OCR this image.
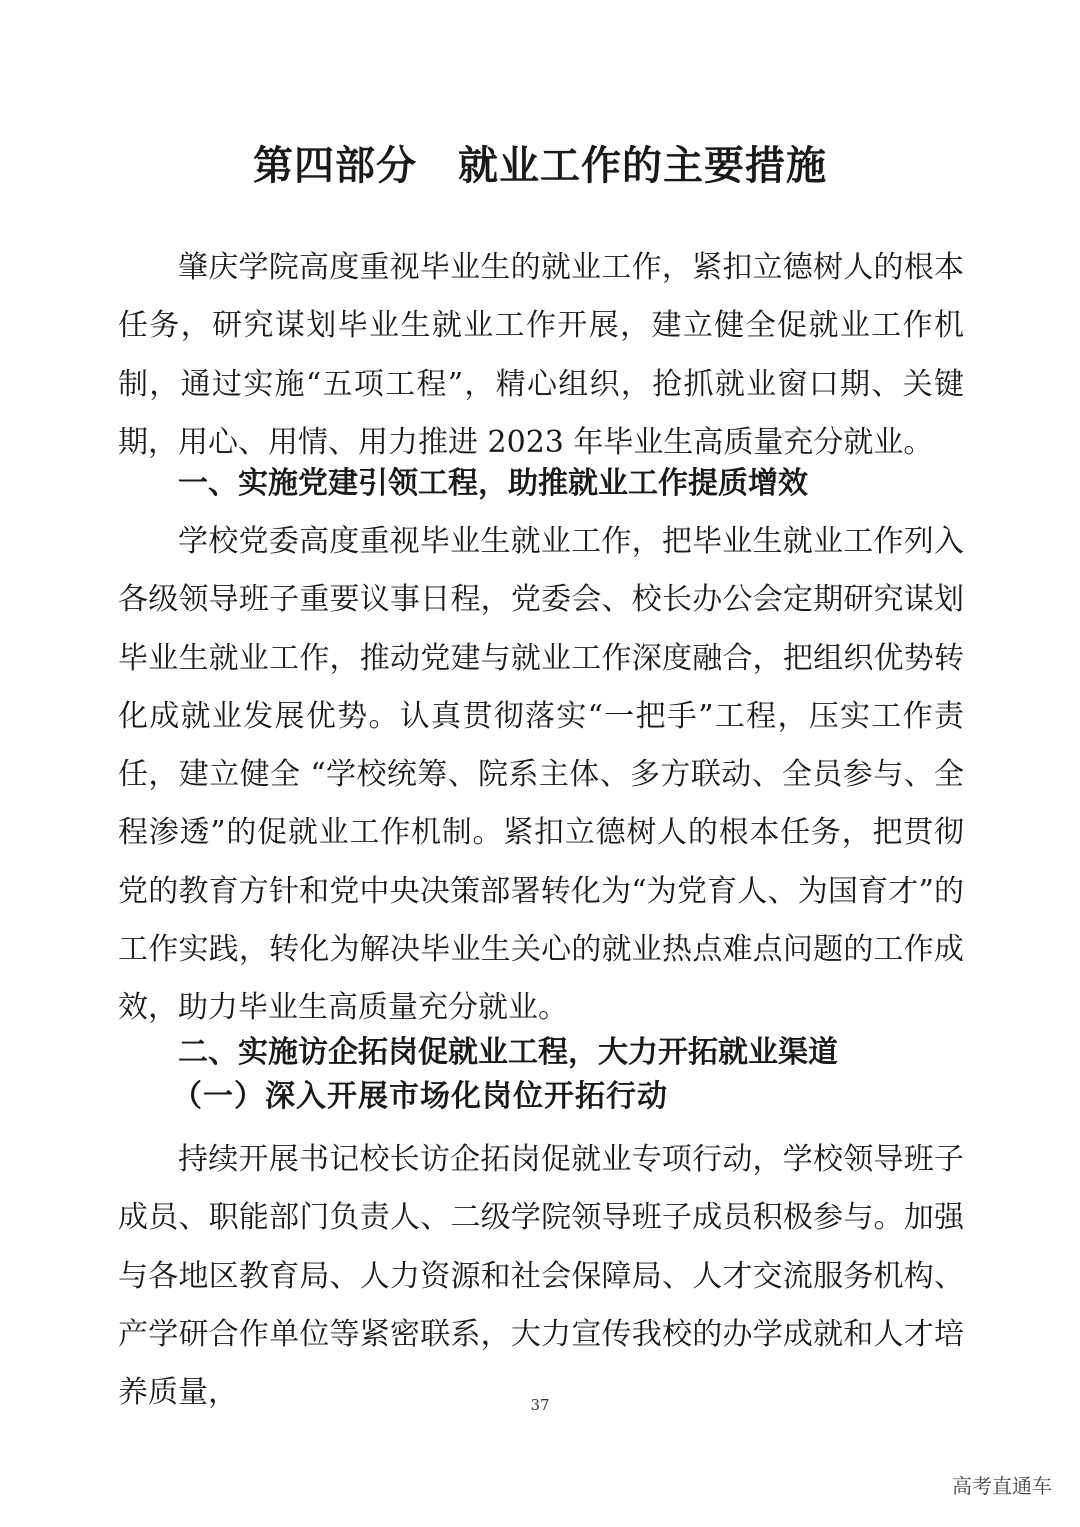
第四部分　就业工作的主要措施

肇庆学院高度重视毕业生的就业工作，紧扣立德树人的根本任务，研究谋划毕业生就业工作开展，建立健全促就业工作机制，通过实施“五项工程”，精心组织，抢抓就业窗口期、关键期，用心、用情、用力推进 2023 年毕业生高质量充分就业。

一、实施党建引领工程，助推就业工作提质增效

学校党委高度重视毕业生就业工作，把毕业生就业工作列入各级领导班子重要议事日程，党委会、校长办公会定期研究谋划毕业生就业工作，推动党建与就业工作深度融合，把组织优势转化成就业发展优势。认真贯彻落实“一把手”工程，压实工作责任，建立健全 “学校统筹、院系主体、多方联动、全员参与、全程渗透”的促就业工作机制。紧扣立德树人的根本任务，把贯彻党的教育方针和党中央决策部署转化为“为党育人、为国育才”的工作实践，转化为解决毕业生关心的就业热点难点问题的工作成效，助力毕业生高质量充分就业。

二、实施访企拓岗促就业工程，大力开拓就业渠道
（一）深入开展市场化岗位开拓行动

持续开展书记校长访企拓岗促就业专项行动，学校领导班子成员、职能部门负责人、二级学院领导班子成员积极参与。加强与各地区教育局、人力资源和社会保障局、人才交流服务机构、产学研合作单位等紧密联系，大力宣传我校的办学成就和人才培养质量，	37
高考直通车
